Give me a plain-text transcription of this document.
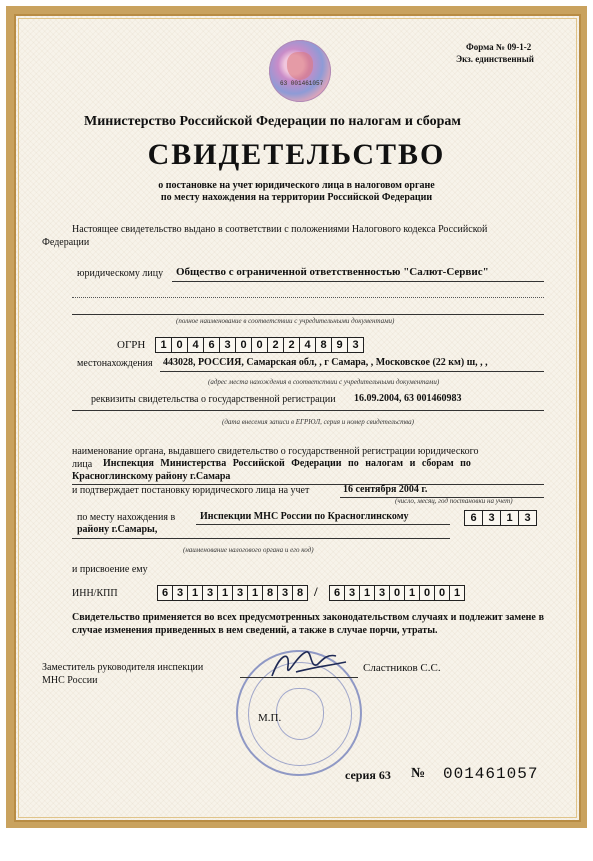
Форма № 09-1-2
Экз. единственный
63 001461057
Министерство Российской Федерации по налогам и сборам
СВИДЕТЕЛЬСТВО
о постановке на учет юридического лица в налоговом органе
по месту нахождения на территории Российской Федерации
Настоящее свидетельство выдано в соответствии с положениями Налогового кодекса Российской
Федерации
юридическому лицу Общество с ограниченной ответственностью "Салют-Сервис"
(полное наименование в соответствии с учредительными документами)
ОГРН	1 0 4 6 3 0 0 2 2 4 8 9 3
местонахождения 443028, РОССИЯ, Самарская обл, , г Самара, , Московское (22 км) ш, , ,
(адрес места нахождения в соответствии с учредительными документами)
реквизиты свидетельства о государственной регистрации 16.09.2004, 63 001460983
(дата внесения записи в ЕГРЮЛ, серия и номер свидетельства)
наименование органа, выдавшего свидетельство о государственной регистрации юридического
лица Инспекция Министерства Российской Федерации по налогам и сборам по
Красноглинскому району г.Самара
и подтверждает постановку юридического лица на учет	16 сентября 2004 г.
(число, месяц, год постановки на учет)
по месту нахождения в Инспекции МНС России по Красноглинскому
району г.Самары,
6	3	1	3
(наименование налогового органа и его код)
и присвоение ему
ИНН/КПП	6 3 1 3 1 3 1 8 3 8 /	6 3 1 3 0 1 0 0 1
Свидетельство применяется во всех предусмотренных законодательством случаях и подлежит замене в случае изменения приведенных в нем сведений, а также в случае порчи, утраты.
Заместитель руководителя инспекции
МНС России
Сластников С.С.
М.П.
серия 63 № 001461057
